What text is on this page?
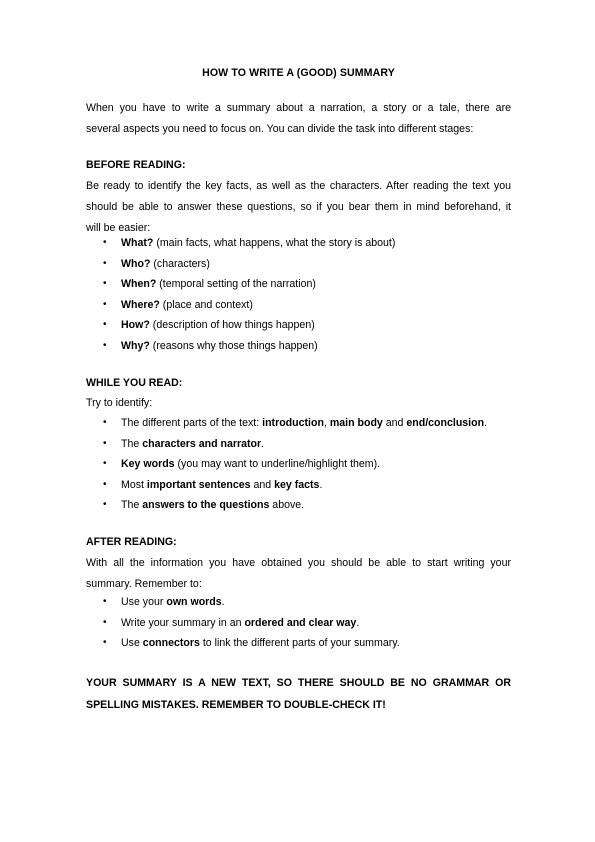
HOW TO WRITE A (GOOD) SUMMARY
When you have to write a summary about a narration, a story or a tale, there are
several aspects you need to focus on. You can divide the task into different stages:
BEFORE READING:
Be ready to identify the key facts, as well as the characters. After reading the text you
should be able to answer these questions, so if you bear them in mind beforehand, it
will be easier:
• What? (main facts, what happens, what the story is about)
• Who? (characters)
• When? (temporal setting of the narration)
• Where? (place and context)
• How? (description of how things happen)
• Why? (reasons why those things happen)
WHILE YOU READ:
Try to identify:
• The different parts of the text: introduction, main body and end/conclusion.
• The characters and narrator.
• Key words (you may want to underline/highlight them).
• Most important sentences and key facts.
• The answers to the questions above.
AFTER READING:
With all the information you have obtained you should be able to start writing your
summary. Remember to:
• Use your own words.
• Write your summary in an ordered and clear way.
• Use connectors to link the different parts of your summary.
YOUR SUMMARY IS A NEW TEXT, SO THERE SHOULD BE NO GRAMMAR OR
SPELLING MISTAKES. REMEMBER TO DOUBLE-CHECK IT!
